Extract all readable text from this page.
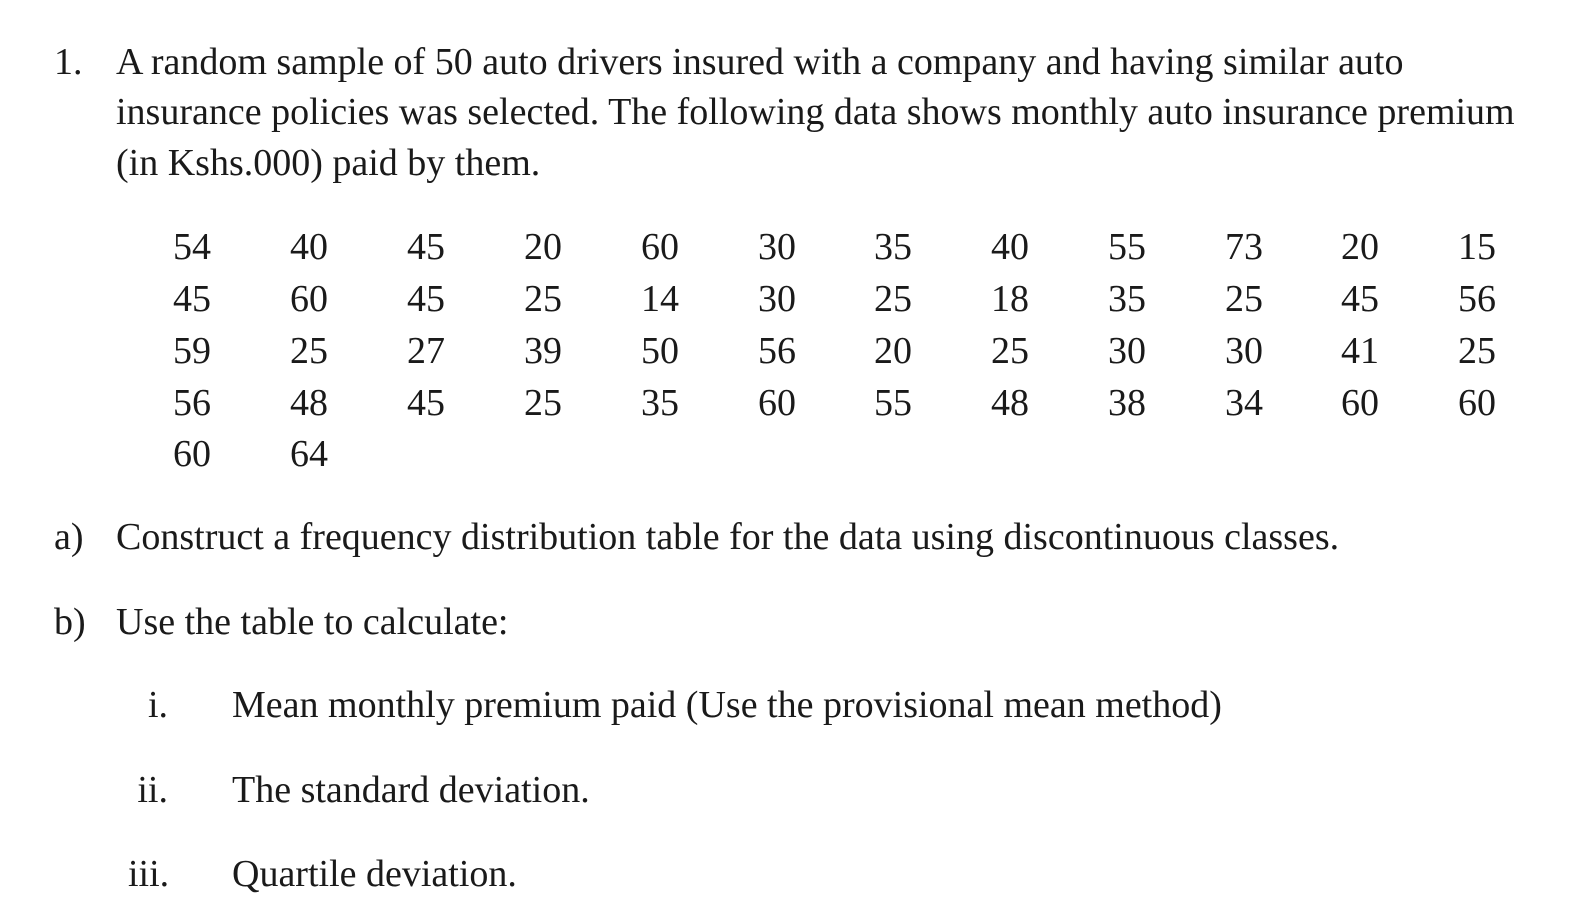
1. A random sample of 50 auto drivers insured with a company and having similar auto
insurance policies was selected. The following data shows monthly auto insurance premium
(in Kshs.000) paid by them.
54	40	45	20	60	30	35	40	55	73	20	15
45	60	45	25	14	30	25	18	35	25	45	56
59	25	27	39	50	56	20	25	30	30	41	25
56	48	45	25	35	60	55	48	38	34	60	60
60	64
a) Construct a frequency distribution table for the data using discontinuous classes.
b) Use the table to calculate:
i. Mean monthly premium paid (Use the provisional mean method)
ii. The standard deviation.
iii. Quartile deviation.
